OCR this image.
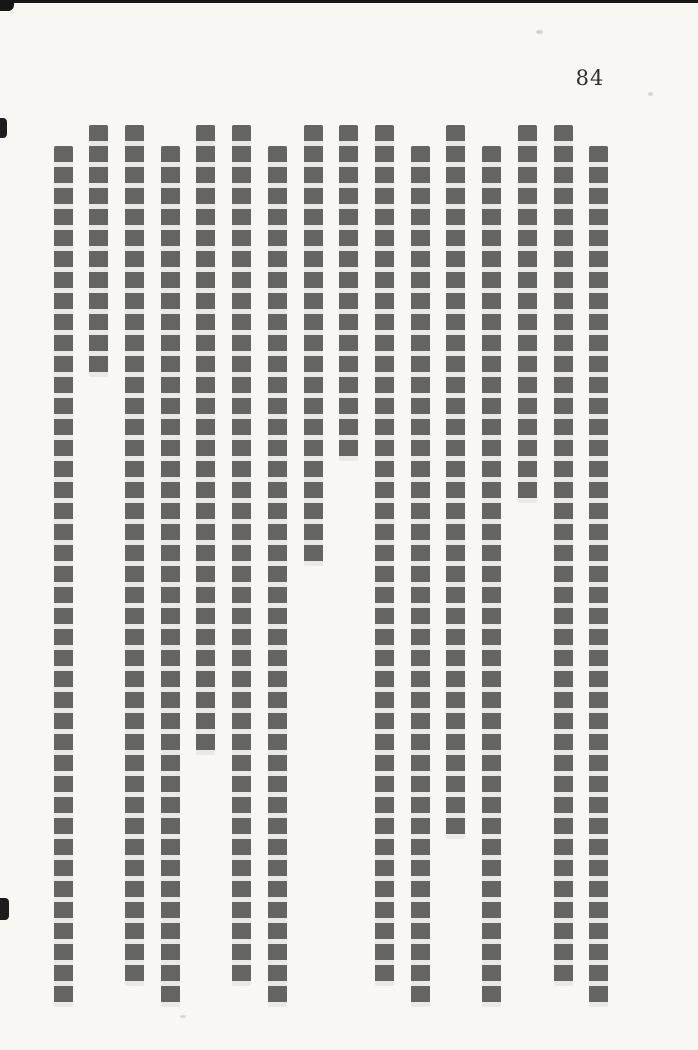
84
